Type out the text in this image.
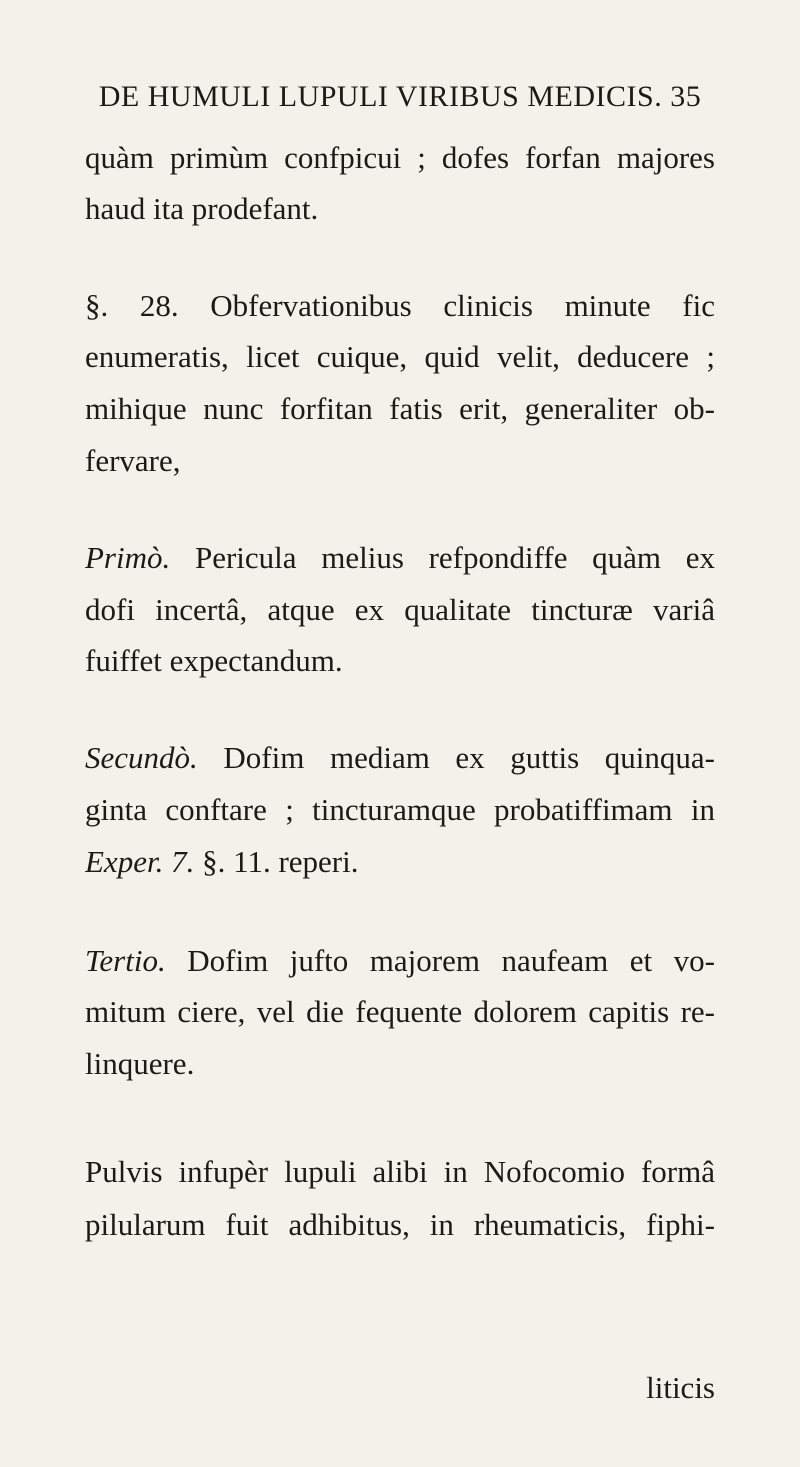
DE HUMULI LUPULI VIRIBUS MEDICIS. 35
quàm primùm confpicui ; dofes forfan majores
haud ita prodefant.
§. 28. Obfervationibus clinicis minute fic
enumeratis, licet cuique, quid velit, deducere ;
mihique nunc forfitan fatis erit, generaliter ob-
fervare,
Primò. Pericula melius refpondiffe quàm ex
dofi incertâ, atque ex qualitate tincturæ variâ
fuiffet expectandum.
Secundò. Dofim mediam ex guttis quinqua-
ginta conftare ; tincturamque probatiffimam in
Exper. 7. §. 11. reperi.
Tertio. Dofim jufto majorem naufeam et vo-
mitum ciere, vel die fequente dolorem capitis re-
linquere.
Pulvis infupèr lupuli alibi in Nofocomio formâ
pilularum fuit adhibitus, in rheumaticis, fiphi-
liticis
